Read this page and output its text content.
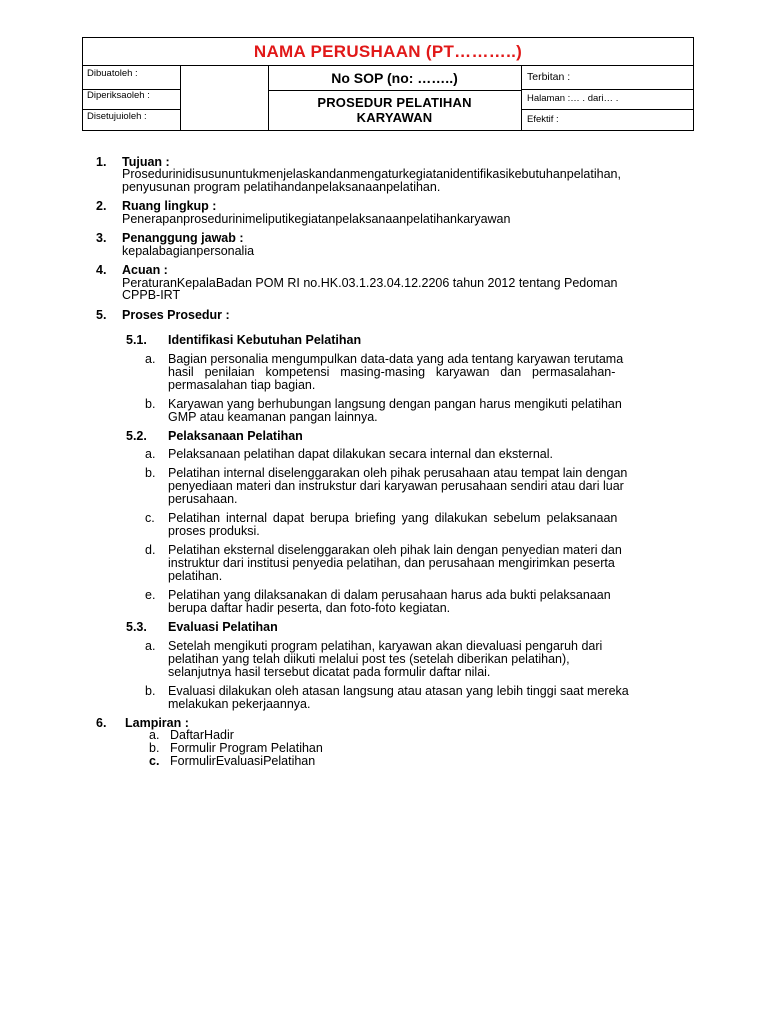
NAMA PERUSHAAN (PT………..)
Dibuatoleh :
Diperiksaoleh :
Disetujuioleh :
No SOP (no: ……..)
PROSEDUR PELATIHAN
KARYAWAN
Terbitan :
Halaman :… . dari… .
Efektif :
1. Tujuan :
Prosedurinidisusununtukmenjelaskandanmengaturkegiatanidentifikasikebutuhanpelatihan,
penyusunan program pelatihandanpelaksanaanpelatihan.
2. Ruang lingkup :
Penerapanprosedurinimeliputikegiatanpelaksanaanpelatihankaryawan
3. Penanggung jawab :
kepalabagianpersonalia
4. Acuan :
PeraturanKepalaBadan POM RI no.HK.03.1.23.04.12.2206 tahun 2012 tentang Pedoman
CPPB-IRT
5. Proses Prosedur :
5.1. Identifikasi Kebutuhan Pelatihan
a. Bagian personalia mengumpulkan data-data yang ada tentang karyawan terutama
hasil penilaian kompetensi masing-masing karyawan dan permasalahan-
permasalahan tiap bagian.
b. Karyawan yang berhubungan langsung dengan pangan harus mengikuti pelatihan
GMP atau keamanan pangan lainnya.
5.2. Pelaksanaan Pelatihan
a. Pelaksanaan pelatihan dapat dilakukan secara internal dan eksternal.
b. Pelatihan internal diselenggarakan oleh pihak perusahaan atau tempat lain dengan
penyediaan materi dan instrukstur dari karyawan perusahaan sendiri atau dari luar
perusahaan.
c. Pelatihan internal dapat berupa briefing yang dilakukan sebelum pelaksanaan
proses produksi.
d. Pelatihan eksternal diselenggarakan oleh pihak lain dengan penyedian materi dan
instruktur dari institusi penyedia pelatihan, dan perusahaan mengirimkan peserta
pelatihan.
e. Pelatihan yang dilaksanakan di dalam perusahaan harus ada bukti pelaksanaan
berupa daftar hadir peserta, dan foto-foto kegiatan.
5.3. Evaluasi Pelatihan
a. Setelah mengikuti program pelatihan, karyawan akan dievaluasi pengaruh dari
pelatihan yang telah diikuti melalui post tes (setelah diberikan pelatihan),
selanjutnya hasil tersebut dicatat pada formulir daftar nilai.
b. Evaluasi dilakukan oleh atasan langsung atau atasan yang lebih tinggi saat mereka
melakukan pekerjaannya.
6. Lampiran :
a. DaftarHadir
b. Formulir Program Pelatihan
c. FormulirEvaluasiPelatihan
